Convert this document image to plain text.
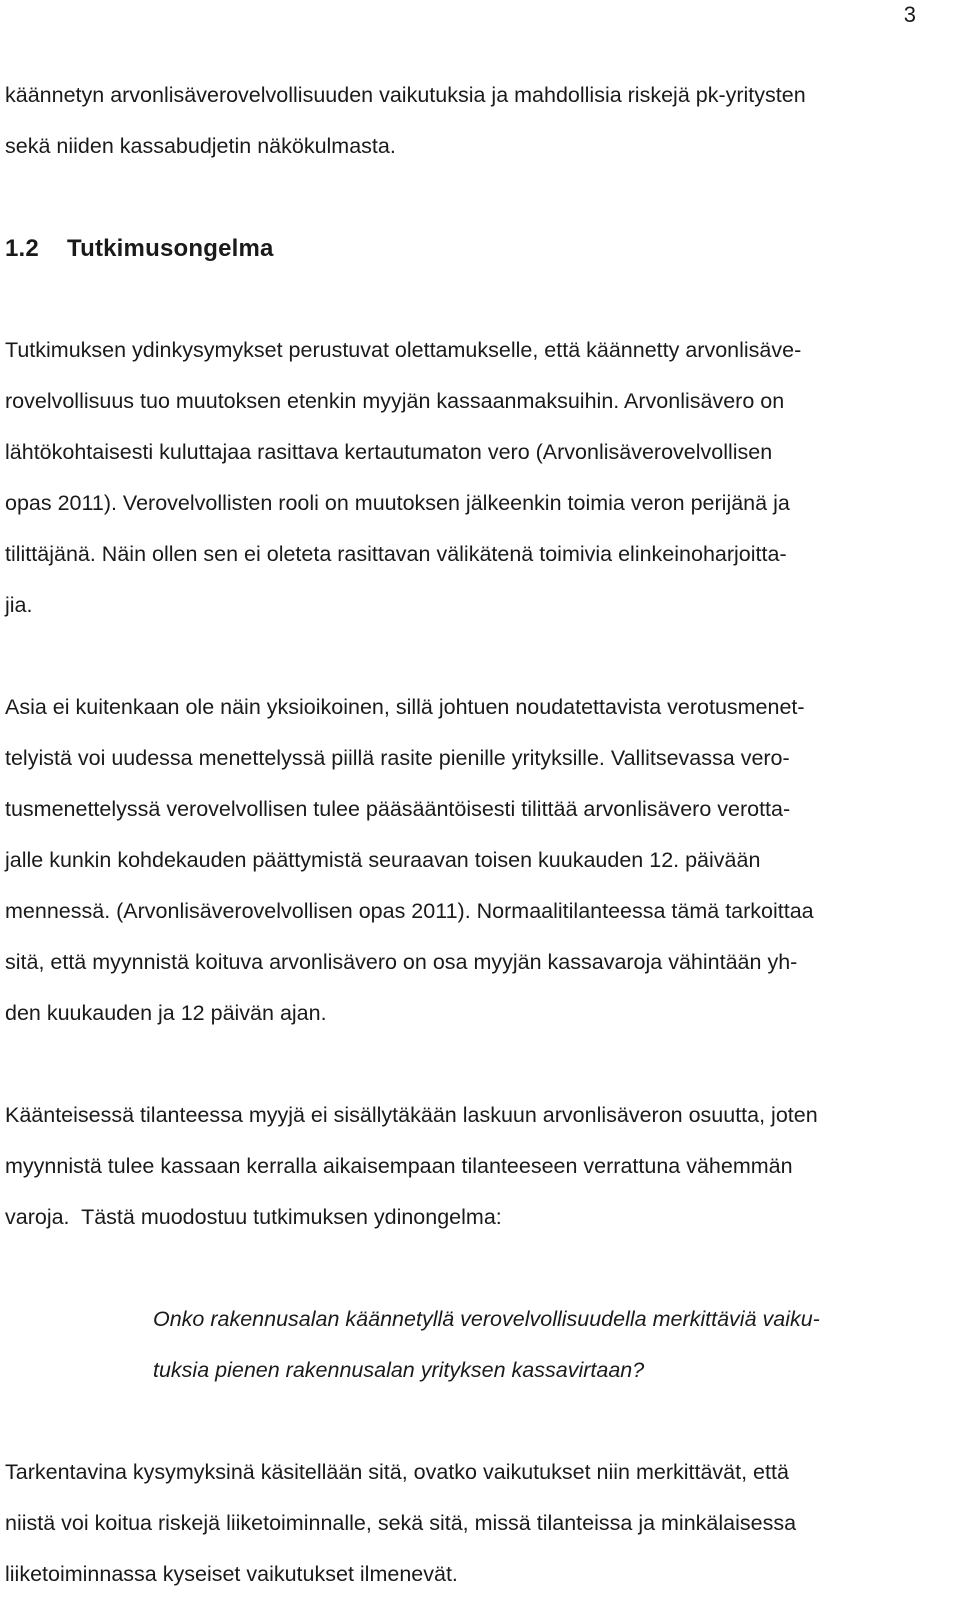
3

käännetyn arvonlisäverovelvollisuuden vaikutuksia ja mahdollisia riskejä pk-yritysten
sekä niiden kassabudjetin näkökulmasta.

1.2 Tutkimusongelma

Tutkimuksen ydinkysymykset perustuvat olettamukselle, että käännetty arvonlisäve-
rovelvollisuus tuo muutoksen etenkin myyjän kassaanmaksuihin. Arvonlisävero on
lähtökohtaisesti kuluttajaa rasittava kertautumaton vero (Arvonlisäverovelvollisen
opas 2011). Verovelvollisten rooli on muutoksen jälkeenkin toimia veron perijänä ja
tilittäjänä. Näin ollen sen ei oleteta rasittavan välikätenä toimivia elinkeinoharjoitta-
jia.

Asia ei kuitenkaan ole näin yksioikoinen, sillä johtuen noudatettavista verotusmenet-
telyistä voi uudessa menettelyssä piillä rasite pienille yrityksille. Vallitsevassa vero-
tusmenettelyssä verovelvollisen tulee pääsääntöisesti tilittää arvonlisävero verotta-
jalle kunkin kohdekauden päättymistä seuraavan toisen kuukauden 12. päivään
mennessä. (Arvonlisäverovelvollisen opas 2011). Normaalitilanteessa tämä tarkoittaa
sitä, että myynnistä koituva arvonlisävero on osa myyjän kassavaroja vähintään yh-
den kuukauden ja 12 päivän ajan.

Käänteisessä tilanteessa myyjä ei sisällytäkään laskuun arvonlisäveron osuutta, joten
myynnistä tulee kassaan kerralla aikaisempaan tilanteeseen verrattuna vähemmän
varoja.  Tästä muodostuu tutkimuksen ydinongelma:

Onko rakennusalan käännetyllä verovelvollisuudella merkittäviä vaiku-
tuksia pienen rakennusalan yrityksen kassavirtaan?

Tarkentavina kysymyksinä käsitellään sitä, ovatko vaikutukset niin merkittävät, että
niistä voi koitua riskejä liiketoiminnalle, sekä sitä, missä tilanteissa ja minkälaisessa
liiketoiminnassa kyseiset vaikutukset ilmenevät.
